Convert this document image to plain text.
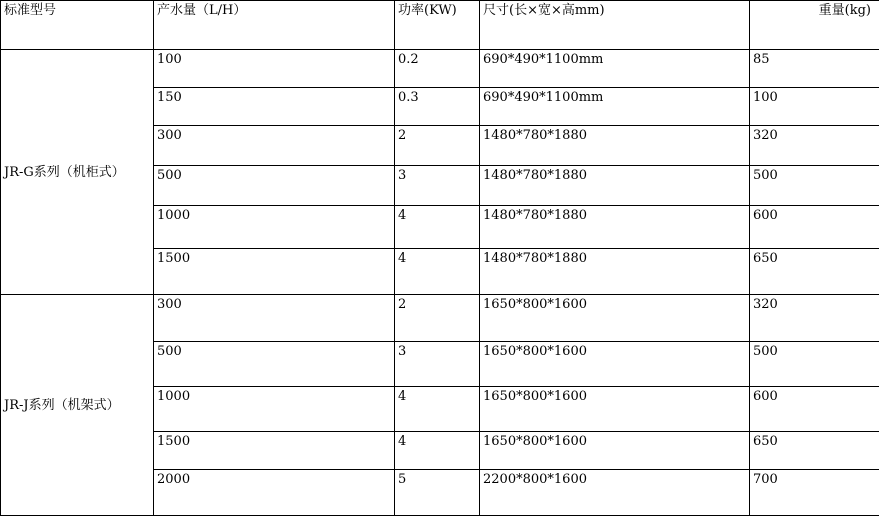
标准型号	产水量（L/H）	功率(KW)	尺寸(长×宽×高mm)	重量(kg)
JR-G系列（机柜式）	100	0.2	690*490*1100mm	85
	150	0.3	690*490*1100mm	100
	300	2	1480*780*1880	320
	500	3	1480*780*1880	500
	1000	4	1480*780*1880	600
	1500	4	1480*780*1880	650
JR-J系列（机架式）	300	2	1650*800*1600	320
	500	3	1650*800*1600	500
	1000	4	1650*800*1600	600
	1500	4	1650*800*1600	650
	2000	5	2200*800*1600	700
